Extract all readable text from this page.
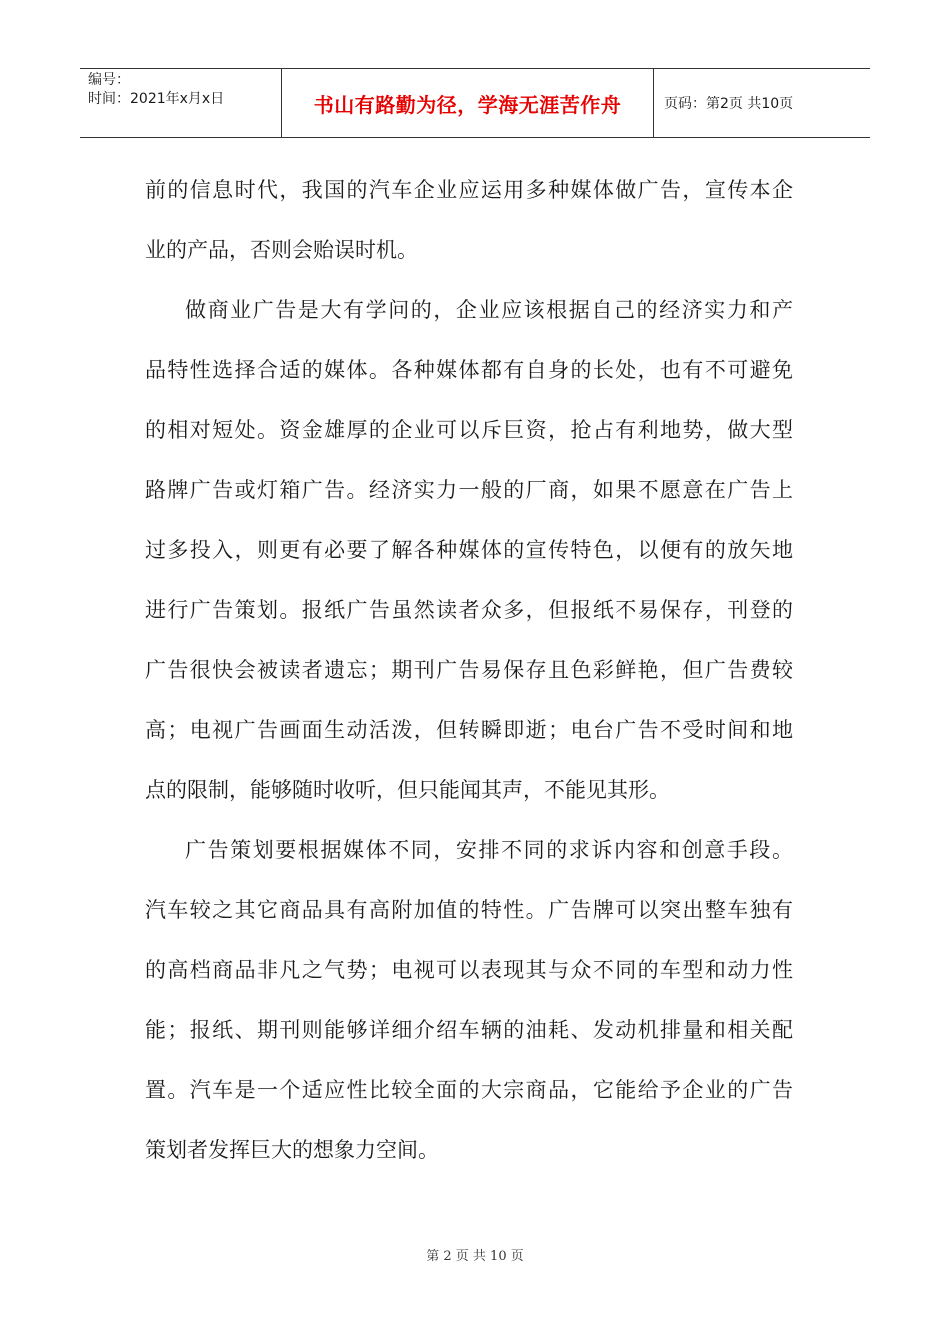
编号：
时间：2021年x月x日	书山有路勤为径，学海无涯苦作舟	页码：第2页 共10页
前的信息时代，我国的汽车企业应运用多种媒体做广告，宣传本企
业的产品，否则会贻误时机。
做商业广告是大有学问的，企业应该根据自己的经济实力和产
品特性选择合适的媒体。各种媒体都有自身的长处，也有不可避免
的相对短处。资金雄厚的企业可以斥巨资，抢占有利地势，做大型
路牌广告或灯箱广告。经济实力一般的厂商，如果不愿意在广告上
过多投入，则更有必要了解各种媒体的宣传特色，以便有的放矢地
进行广告策划。报纸广告虽然读者众多，但报纸不易保存，刊登的
广告很快会被读者遗忘；期刊广告易保存且色彩鲜艳，但广告费较
高；电视广告画面生动活泼，但转瞬即逝；电台广告不受时间和地
点的限制，能够随时收听，但只能闻其声，不能见其形。
广告策划要根据媒体不同，安排不同的求诉内容和创意手段。
汽车较之其它商品具有高附加值的特性。广告牌可以突出整车独有
的高档商品非凡之气势；电视可以表现其与众不同的车型和动力性
能；报纸、期刊则能够详细介绍车辆的油耗、发动机排量和相关配
置。汽车是一个适应性比较全面的大宗商品，它能给予企业的广告
策划者发挥巨大的想象力空间。
第 2 页 共 10 页
